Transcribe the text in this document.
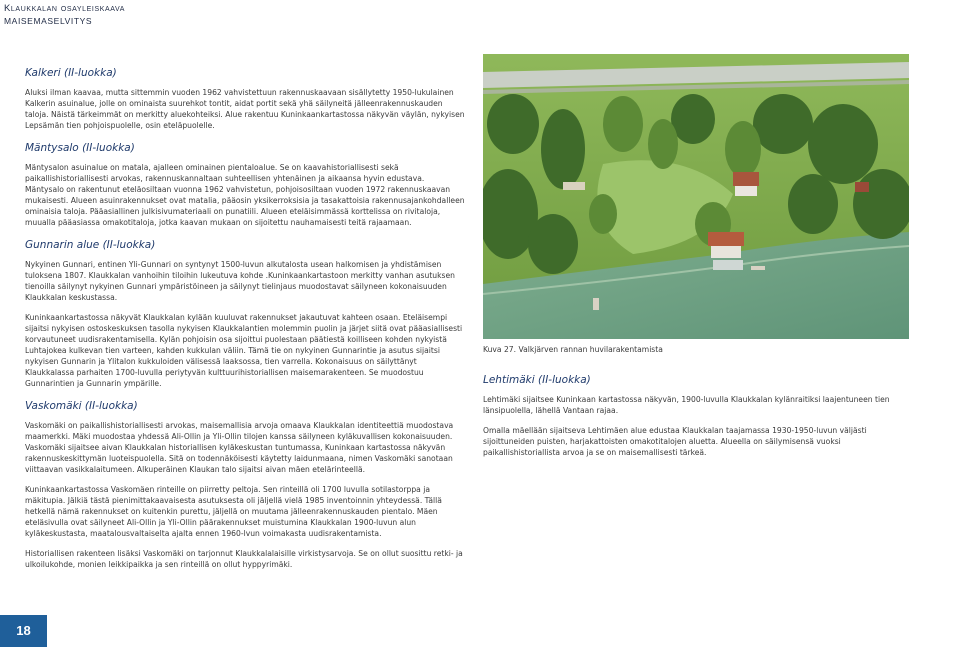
Klaukkalan osayleiskaava
MAISEMASELVITYS
Kalkeri (II-luokka)

Aluksi ilman kaavaa, mutta sittemmin vuoden 1962 vahvistettuun rakennuskaavaan sisällytetty 1950-lukulainen Kalkerin asuinalue, jolle on ominaista suurehkot tontit, aidat portit sekä yhä säilyneitä jälleenrakennuskauden taloja. Näistä tärkeimmät on merkitty aluekohteiksi. Alue rakentuu Kuninkaankartastossa näkyvän väylän, nykyisen Lepsämän tien pohjoispuolelle, osin eteläpuolelle.

Mäntysalo (II-luokka)

Mäntysalon asuinalue on matala, ajalleen ominainen pientaloalue. Se on kaavahistoriallisesti sekä paikallishistoriallisesti arvokas, rakennuskannaltaan suhteellisen yhtenäinen ja aikaansa hyvin edustava. Mäntysalo on rakentunut eteläosiltaan vuonna 1962 vahvistetun, pohjoisosiltaan vuoden 1972 rakennuskaavan mukaisesti. Alueen asuinrakennukset ovat matalia, pääosin yksikerroksisia ja tasakattoisia rakennusajankohdalleen ominaisia taloja. Pääasiallinen julkisivumateriaali on punatiili. Alueen eteläisimmässä korttelissa on rivitaloja, muualla pääasiassa omakotitaloja, jotka kaavan mukaan on sijoitettu nauhamaisesti teitä rajaamaan.

Gunnarin alue (II-luokka)

Nykyinen Gunnari, entinen Yli-Gunnari on syntynyt 1500-luvun alkutalosta usean halkomisen ja yhdistämisen tuloksena 1807. Klaukkalan vanhoihin tiloihin lukeutuva kohde .Kuninkaankartastoon merkitty vanhan asutuksen tienoilla säilynyt nykyinen Gunnari ympäristöineen ja säilynyt tielinjaus muodostavat säilyneen kokonaisuuden Klaukkalan keskustassa.

Kuninkaankartastossa näkyvät Klaukkalan kylään kuuluvat rakennukset jakautuvat kahteen osaan. Eteläisempi sijaitsi nykyisen ostoskeskuksen tasolla nykyisen Klaukkalantien molemmin puolin ja järjet siitä ovat pääasiallisesti korvautuneet uudisrakentamisella. Kylän pohjoisin osa sijoittui puolestaan päätiestä koilliseen kohden nykyistä Luhtajokea kulkevan tien varteen, kahden kukkulan väliin. Tämä tie on nykyinen Gunnarintie ja asutus sijaitsi nykyisen Gunnarin ja Ylitalon kukkuloiden välisessä laaksossa, tien varrella. Kokonaisuus on säilyttänyt Klaukkalassa parhaiten 1700-luvulla periytyvän kulttuurihistoriallisen maisemarakenteen. Se muodostuu Gunnarintien ja Gunnarin ympärille.

Vaskomäki (II-luokka)

Vaskomäki on paikallishistoriallisesti arvokas, maisemallisia arvoja omaava Klaukkalan identiteettiä muodostava maamerkki. Mäki muodostaa yhdessä Ali-Ollin ja Yli-Ollin tilojen kanssa säilyneen kyläkuvallisen kokonaisuuden. Vaskomäki sijaitsee aivan Klaukkalan historiallisen kyläkeskustan tuntumassa, Kuninkaan kartastossa näkyvän rakennuskeskittymän luoteispuolella. Sitä on todennäköisesti käytetty laidunmaana, nimen Vaskomäki sanotaan viittaavan vasikkalaitumeen. Alkuperäinen Klaukan talo sijaitsi aivan mäen etelärinteellä.

Kuninkaankartastossa Vaskomäen rinteille on piirretty peltoja. Sen rinteillä oli 1700 luvulla sotilastorppa ja mäkitupia. Jälkiä tästä pienimittakaavaisesta asutuksesta oli jäljellä vielä 1985 inventoinnin yhteydessä. Tällä hetkellä nämä rakennukset on kuitenkin purettu, jäljellä on muutama jälleenrakennuskauden pientalo. Mäen eteläsivulla ovat säilyneet Ali-Ollin ja Yli-Ollin päärakennukset muistumina Klaukkalan 1900-luvun alun kyläkeskustasta, maatalousvaltaiselta ajalta ennen 1960-lvun voimakasta uudisrakentamista.

Historiallisen rakenteen lisäksi Vaskomäki on tarjonnut Klaukkalalaisille virkistysarvoja. Se on ollut suosittu retki- ja ulkoilukohde, monien leikkipaikka ja sen rinteillä on ollut hyppyrimäki.

Kuva 27. Valkjärven rannan huvilarakentamista

Lehtimäki (II-luokka)

Lehtimäki sijaitsee Kuninkaan kartastossa näkyvän, 1900-luvulla Klaukkalan kylänraitiksi laajentuneen tien länsipuolella, lähellä Vantaan rajaa.

Omalla mäellään sijaitseva Lehtimäen alue edustaa Klaukkalan taajamassa 1930-1950-luvun väljästi sijoittuneiden puisten, harjakattoisten omakotitalojen aluetta. Alueella on säilymisensä vuoksi paikallishistoriallista arvoa ja se on maisemallisesti tärkeä.

18
